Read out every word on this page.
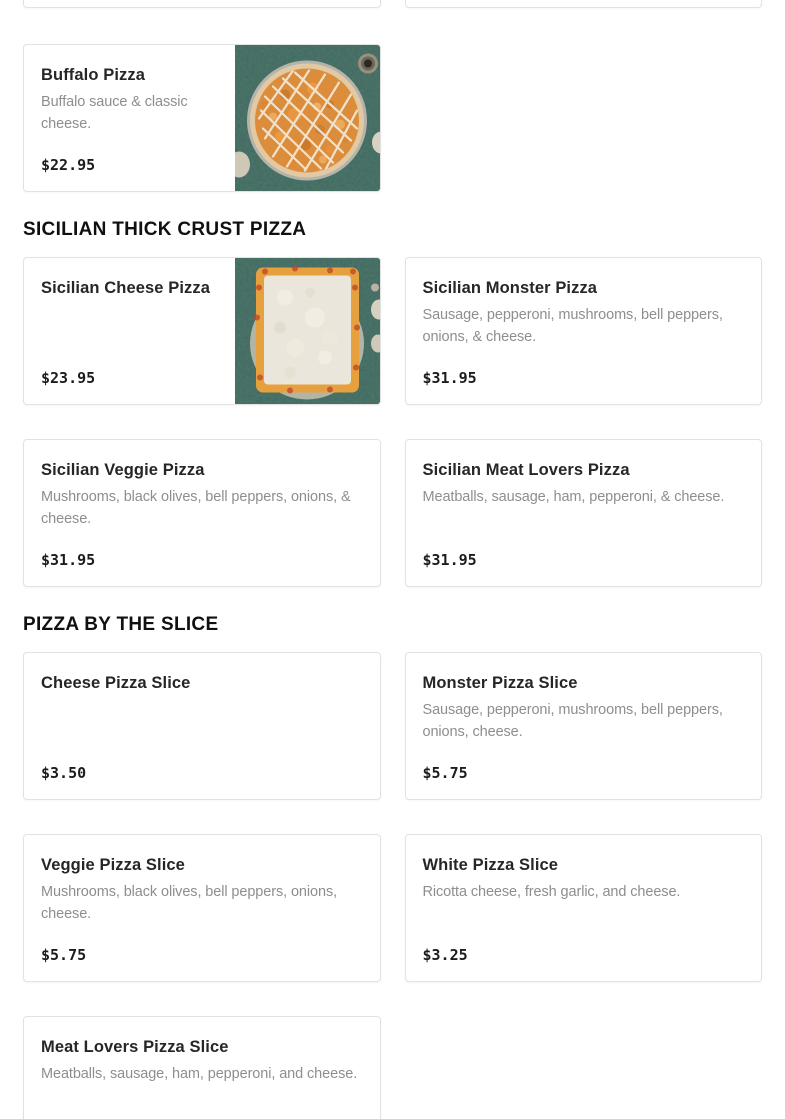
Buffalo Pizza

Buffalo sauce & classic cheese.

$22.95
SICILIAN THICK CRUST PIZZA
Sicilian Cheese Pizza

$23.95
Sicilian Monster Pizza

Sausage, pepperoni, mushrooms, bell peppers, onions, & cheese.

$31.95
Sicilian Veggie Pizza

Mushrooms, black olives, bell peppers, onions, & cheese.

$31.95
Sicilian Meat Lovers Pizza

Meatballs, sausage, ham, pepperoni, & cheese.

$31.95
PIZZA BY THE SLICE
Cheese Pizza Slice

$3.50
Monster Pizza Slice

Sausage, pepperoni, mushrooms, bell peppers, onions, cheese.

$5.75
Veggie Pizza Slice

Mushrooms, black olives, bell peppers, onions, cheese.

$5.75
White Pizza Slice

Ricotta cheese, fresh garlic, and cheese.

$3.25
Meat Lovers Pizza Slice

Meatballs, sausage, ham, pepperoni, and cheese.
